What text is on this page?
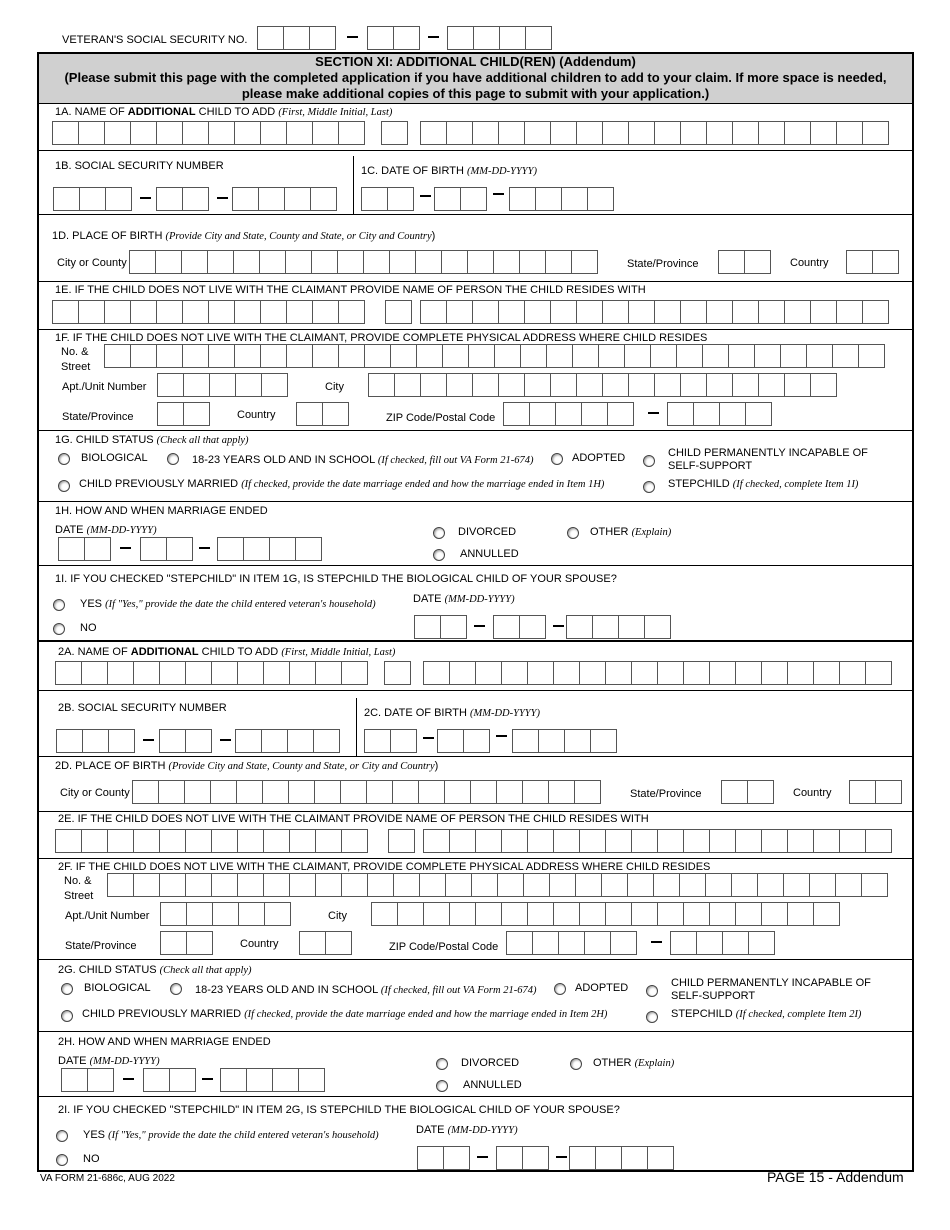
VETERAN'S SOCIAL SECURITY NO.
SECTION XI: ADDITIONAL CHILD(REN) (Addendum)
(Please submit this page with the completed application if you have additional children to add to your claim. If more space is needed, please make additional copies of this page to submit with your application.)
VA FORM 21-686c, AUG 2022	PAGE 15 - Addendum
1A. NAME OF ADDITIONAL CHILD TO ADD (First, Middle Initial, Last)
1B. SOCIAL SECURITY NUMBER	1C. DATE OF BIRTH (MM-DD-YYYY)
1D. PLACE OF BIRTH (Provide City and State, County and State, or City and Country)
City or County	State/Province	Country
1E. IF THE CHILD DOES NOT LIVE WITH THE CLAIMANT PROVIDE NAME OF PERSON THE CHILD RESIDES WITH
1F. IF THE CHILD DOES NOT LIVE WITH THE CLAIMANT, PROVIDE COMPLETE PHYSICAL ADDRESS WHERE CHILD RESIDES
No. &
Street
Apt./Unit Number	City
State/Province	Country	ZIP Code/Postal Code
1G. CHILD STATUS (Check all that apply)
BIOLOGICAL	18-23 YEARS OLD AND IN SCHOOL (If checked, fill out VA Form 21-674)	ADOPTED	CHILD PERMANENTLY INCAPABLE OF
SELF-SUPPORT
CHILD PREVIOUSLY MARRIED (If checked, provide the date marriage ended and how the marriage ended in Item 1H)	STEPCHILD (If checked, complete Item 1I)
1H. HOW AND WHEN MARRIAGE ENDED
DATE (MM-DD-YYYY)	DIVORCED	OTHER (Explain)
ANNULLED
1I. IF YOU CHECKED "STEPCHILD" IN ITEM 1G, IS STEPCHILD THE BIOLOGICAL CHILD OF YOUR SPOUSE?
YES (If "Yes," provide the date the child entered veteran's household)	DATE (MM-DD-YYYY)
NO
2A. NAME OF ADDITIONAL CHILD TO ADD (First, Middle Initial, Last)
2B. SOCIAL SECURITY NUMBER	2C. DATE OF BIRTH (MM-DD-YYYY)
2D. PLACE OF BIRTH (Provide City and State, County and State, or City and Country)
City or County	State/Province	Country
2E. IF THE CHILD DOES NOT LIVE WITH THE CLAIMANT PROVIDE NAME OF PERSON THE CHILD RESIDES WITH
2F. IF THE CHILD DOES NOT LIVE WITH THE CLAIMANT, PROVIDE COMPLETE PHYSICAL ADDRESS WHERE CHILD RESIDES
No. &
Street
Apt./Unit Number	City
State/Province	Country	ZIP Code/Postal Code
2G. CHILD STATUS (Check all that apply)
BIOLOGICAL	18-23 YEARS OLD AND IN SCHOOL (If checked, fill out VA Form 21-674)	ADOPTED	CHILD PERMANENTLY INCAPABLE OF
SELF-SUPPORT
CHILD PREVIOUSLY MARRIED (If checked, provide the date marriage ended and how the marriage ended in Item 2H)	STEPCHILD (If checked, complete Item 2I)
2H. HOW AND WHEN MARRIAGE ENDED
DATE (MM-DD-YYYY)	DIVORCED	OTHER (Explain)
ANNULLED
2I. IF YOU CHECKED "STEPCHILD" IN ITEM 2G, IS STEPCHILD THE BIOLOGICAL CHILD OF YOUR SPOUSE?
YES (If "Yes," provide the date the child entered veteran's household)	DATE (MM-DD-YYYY)
NO
